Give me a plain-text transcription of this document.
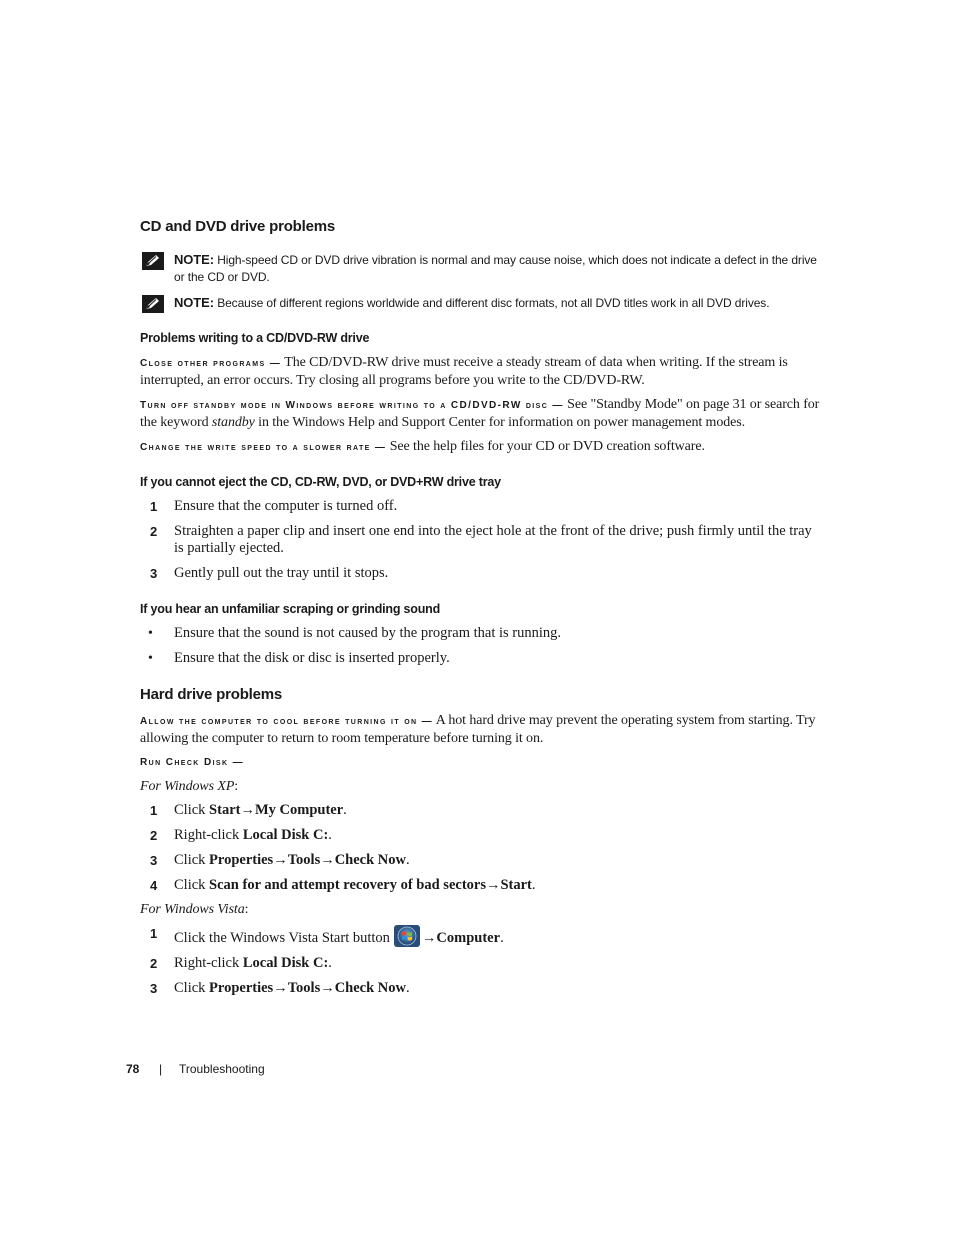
CD and DVD drive problems
NOTE: High-speed CD or DVD drive vibration is normal and may cause noise, which does not indicate a defect in the drive or the CD or DVD.
NOTE: Because of different regions worldwide and different disc formats, not all DVD titles work in all DVD drives.
Problems writing to a CD/DVD-RW drive

Close other programs — The CD/DVD-RW drive must receive a steady stream of data when writing. If the stream is interrupted, an error occurs. Try closing all programs before you write to the CD/DVD-RW.

Turn off standby mode in Windows before writing to a CD/DVD-RW disc — See "Standby Mode" on page 31 or search for the keyword standby in the Windows Help and Support Center for information on power management modes.

Change the write speed to a slower rate — See the help files for your CD or DVD creation software.

If you cannot eject the CD, CD-RW, DVD, or DVD+RW drive tray
1 Ensure that the computer is turned off.
2 Straighten a paper clip and insert one end into the eject hole at the front of the drive; push firmly until the tray is partially ejected.
3 Gently pull out the tray until it stops.
If you hear an unfamiliar scraping or grinding sound
• Ensure that the sound is not caused by the program that is running.
• Ensure that the disk or disc is inserted properly.
Hard drive problems

Allow the computer to cool before turning it on — A hot hard drive may prevent the operating system from starting. Try allowing the computer to return to room temperature before turning it on.

Run Check Disk —

For Windows XP:

1 Click Start→My Computer.
2 Right-click Local Disk C:.
3 Click Properties→Tools→Check Now.
4 Click Scan for and attempt recovery of bad sectors→Start.

For Windows Vista:

1 Click the Windows Vista Start button →Computer.
2 Right-click Local Disk C:.
3 Click Properties→Tools→Check Now.
78 | Troubleshooting
